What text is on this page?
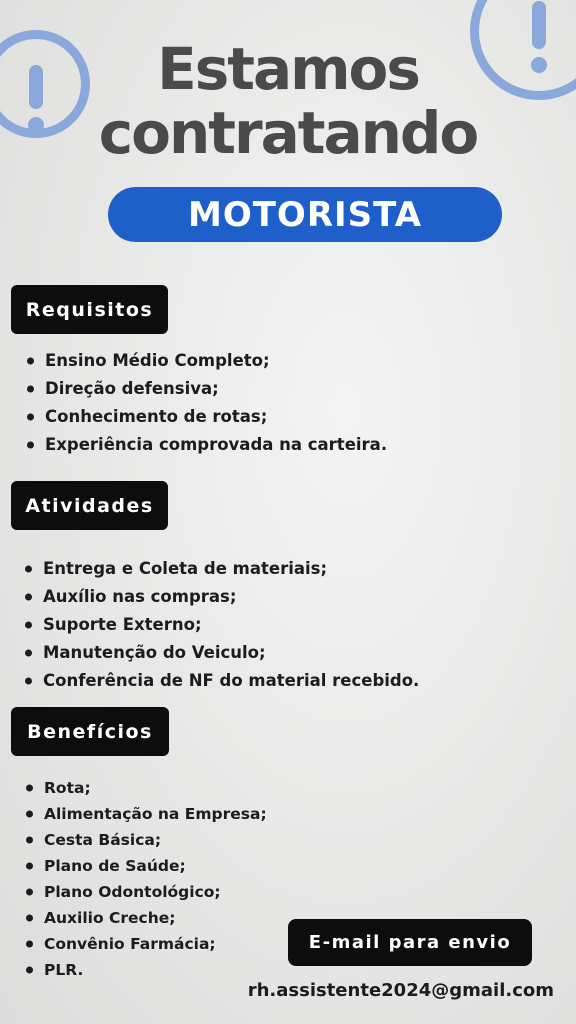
Estamos
contratando
MOTORISTA
Requisitos
Ensino Médio Completo;
Direção defensiva;
Conhecimento de rotas;
Experiência comprovada na carteira.
Atividades
Entrega e Coleta de materiais;
Auxílio nas compras;
Suporte Externo;
Manutenção do Veiculo;
Conferência de NF do material recebido.
Benefícios
Rota;
Alimentação na Empresa;
Cesta Básica;
Plano de Saúde;
Plano Odontológico;
Auxilio Creche;
Convênio Farmácia;
PLR.
E-mail para envio
rh.assistente2024@gmail.com
